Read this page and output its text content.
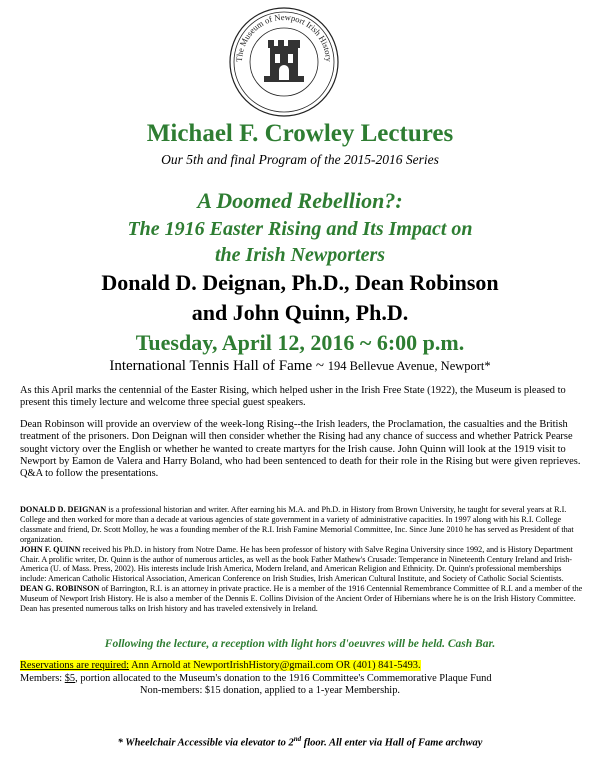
The Museum of Newport Irish History
Michael F. Crowley Lectures
Our 5th and final Program of the 2015-2016 Series
A Doomed Rebellion?:
The 1916 Easter Rising and Its Impact on
the Irish Newporters
Donald D. Deignan, Ph.D., Dean Robinson
and John Quinn, Ph.D.
Tuesday, April 12, 2016 ~ 6:00 p.m.
International Tennis Hall of Fame ~ 194 Bellevue Avenue, Newport*
As this April marks the centennial of the Easter Rising, which helped usher in the Irish Free State (1922), the Museum is pleased to present this timely lecture and welcome three special guest speakers.
Dean Robinson will provide an overview of the week-long Rising--the Irish leaders, the Proclamation, the casualties and the British treatment of the prisoners. Don Deignan will then consider whether the Rising had any chance of success and whether Patrick Pearse sought victory over the English or whether he wanted to create martyrs for the Irish cause. John Quinn will look at the 1919 visit to Newport by Eamon de Valera and Harry Boland, who had been sentenced to death for their role in the Rising but were given reprieves. Q&A to follow the presentations.

DONALD D. DEIGNAN is a professional historian and writer. After earning his M.A. and Ph.D. in History from Brown University, he taught for several years at R.I. College and then worked for more than a decade at various agencies of state government in a variety of administrative capacities. In 1997 along with his R.I. College classmate and friend, Dr. Scott Molloy, he was a founding member of the R.I. Irish Famine Memorial Committee, Inc. Since June 2010 he has served as President of that organization.

JOHN F. QUINN received his Ph.D. in history from Notre Dame. He has been professor of history with Salve Regina University since 1992, and is History Department Chair. A prolific writer, Dr. Quinn is the author of numerous articles, as well as the book Father Mathew's Crusade: Temperance in Nineteenth Century Ireland and Irish-America (U. of Mass. Press, 2002). His interests include Irish America, Modern Ireland, and American Religion and Ethnicity. Dr. Quinn's professional memberships include: American Catholic Historical Association, American Conference on Irish Studies, Irish American Cultural Institute, and Society of Catholic Social Scientists.

DEAN G. ROBINSON of Barrington, R.I. is an attorney in private practice. He is a member of the 1916 Centennial Remembrance Committee of R.I. and a member of the Museum of Newport Irish History. He is also a member of the Dennis E. Collins Division of the Ancient Order of Hibernians where he is on the Irish History Committee. Dean has presented numerous talks on Irish history and has traveled extensively in Ireland.

Following the lecture, a reception with light hors d'oeuvres will be held. Cash Bar.
Reservations are required: Ann Arnold at NewportIrishHistory@gmail.com OR (401) 841-5493.
Members: $5, portion allocated to the Museum's donation to the 1916 Committee's Commemorative Plaque Fund
Non-members: $15 donation, applied to a 1-year Membership.
* Wheelchair Accessible via elevator to 2nd floor. All enter via Hall of Fame archway
